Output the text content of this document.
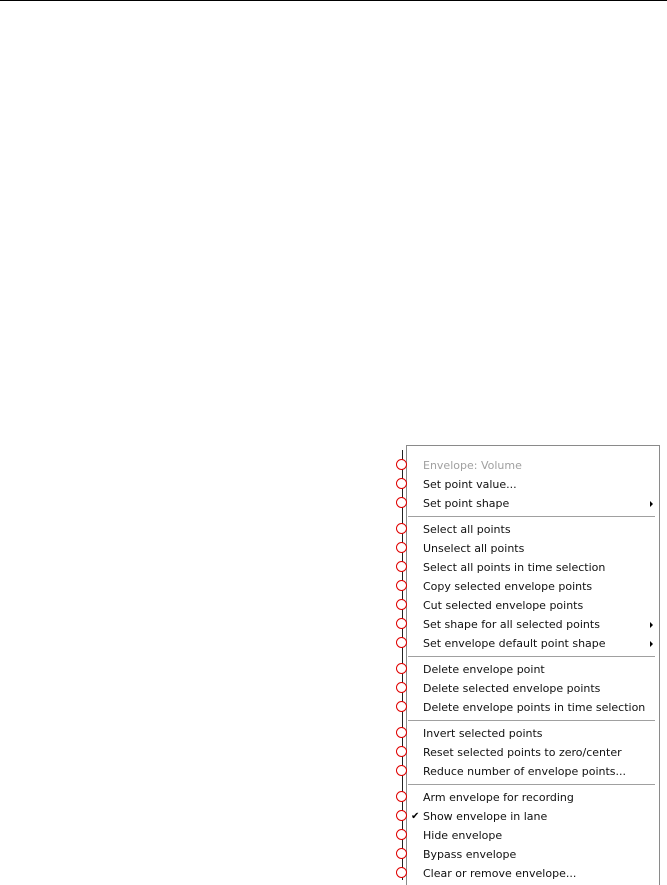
Envelope: Volume
Set point value...
Set point shape
Select all points
Unselect all points
Select all points in time selection
Copy selected envelope points
Cut selected envelope points
Set shape for all selected points
Set envelope default point shape
Delete envelope point
Delete selected envelope points
Delete envelope points in time selection
Invert selected points
Reset selected points to zero/center
Reduce number of envelope points...
Arm envelope for recording
✔ Show envelope in lane
Hide envelope
Bypass envelope
Clear or remove envelope...
